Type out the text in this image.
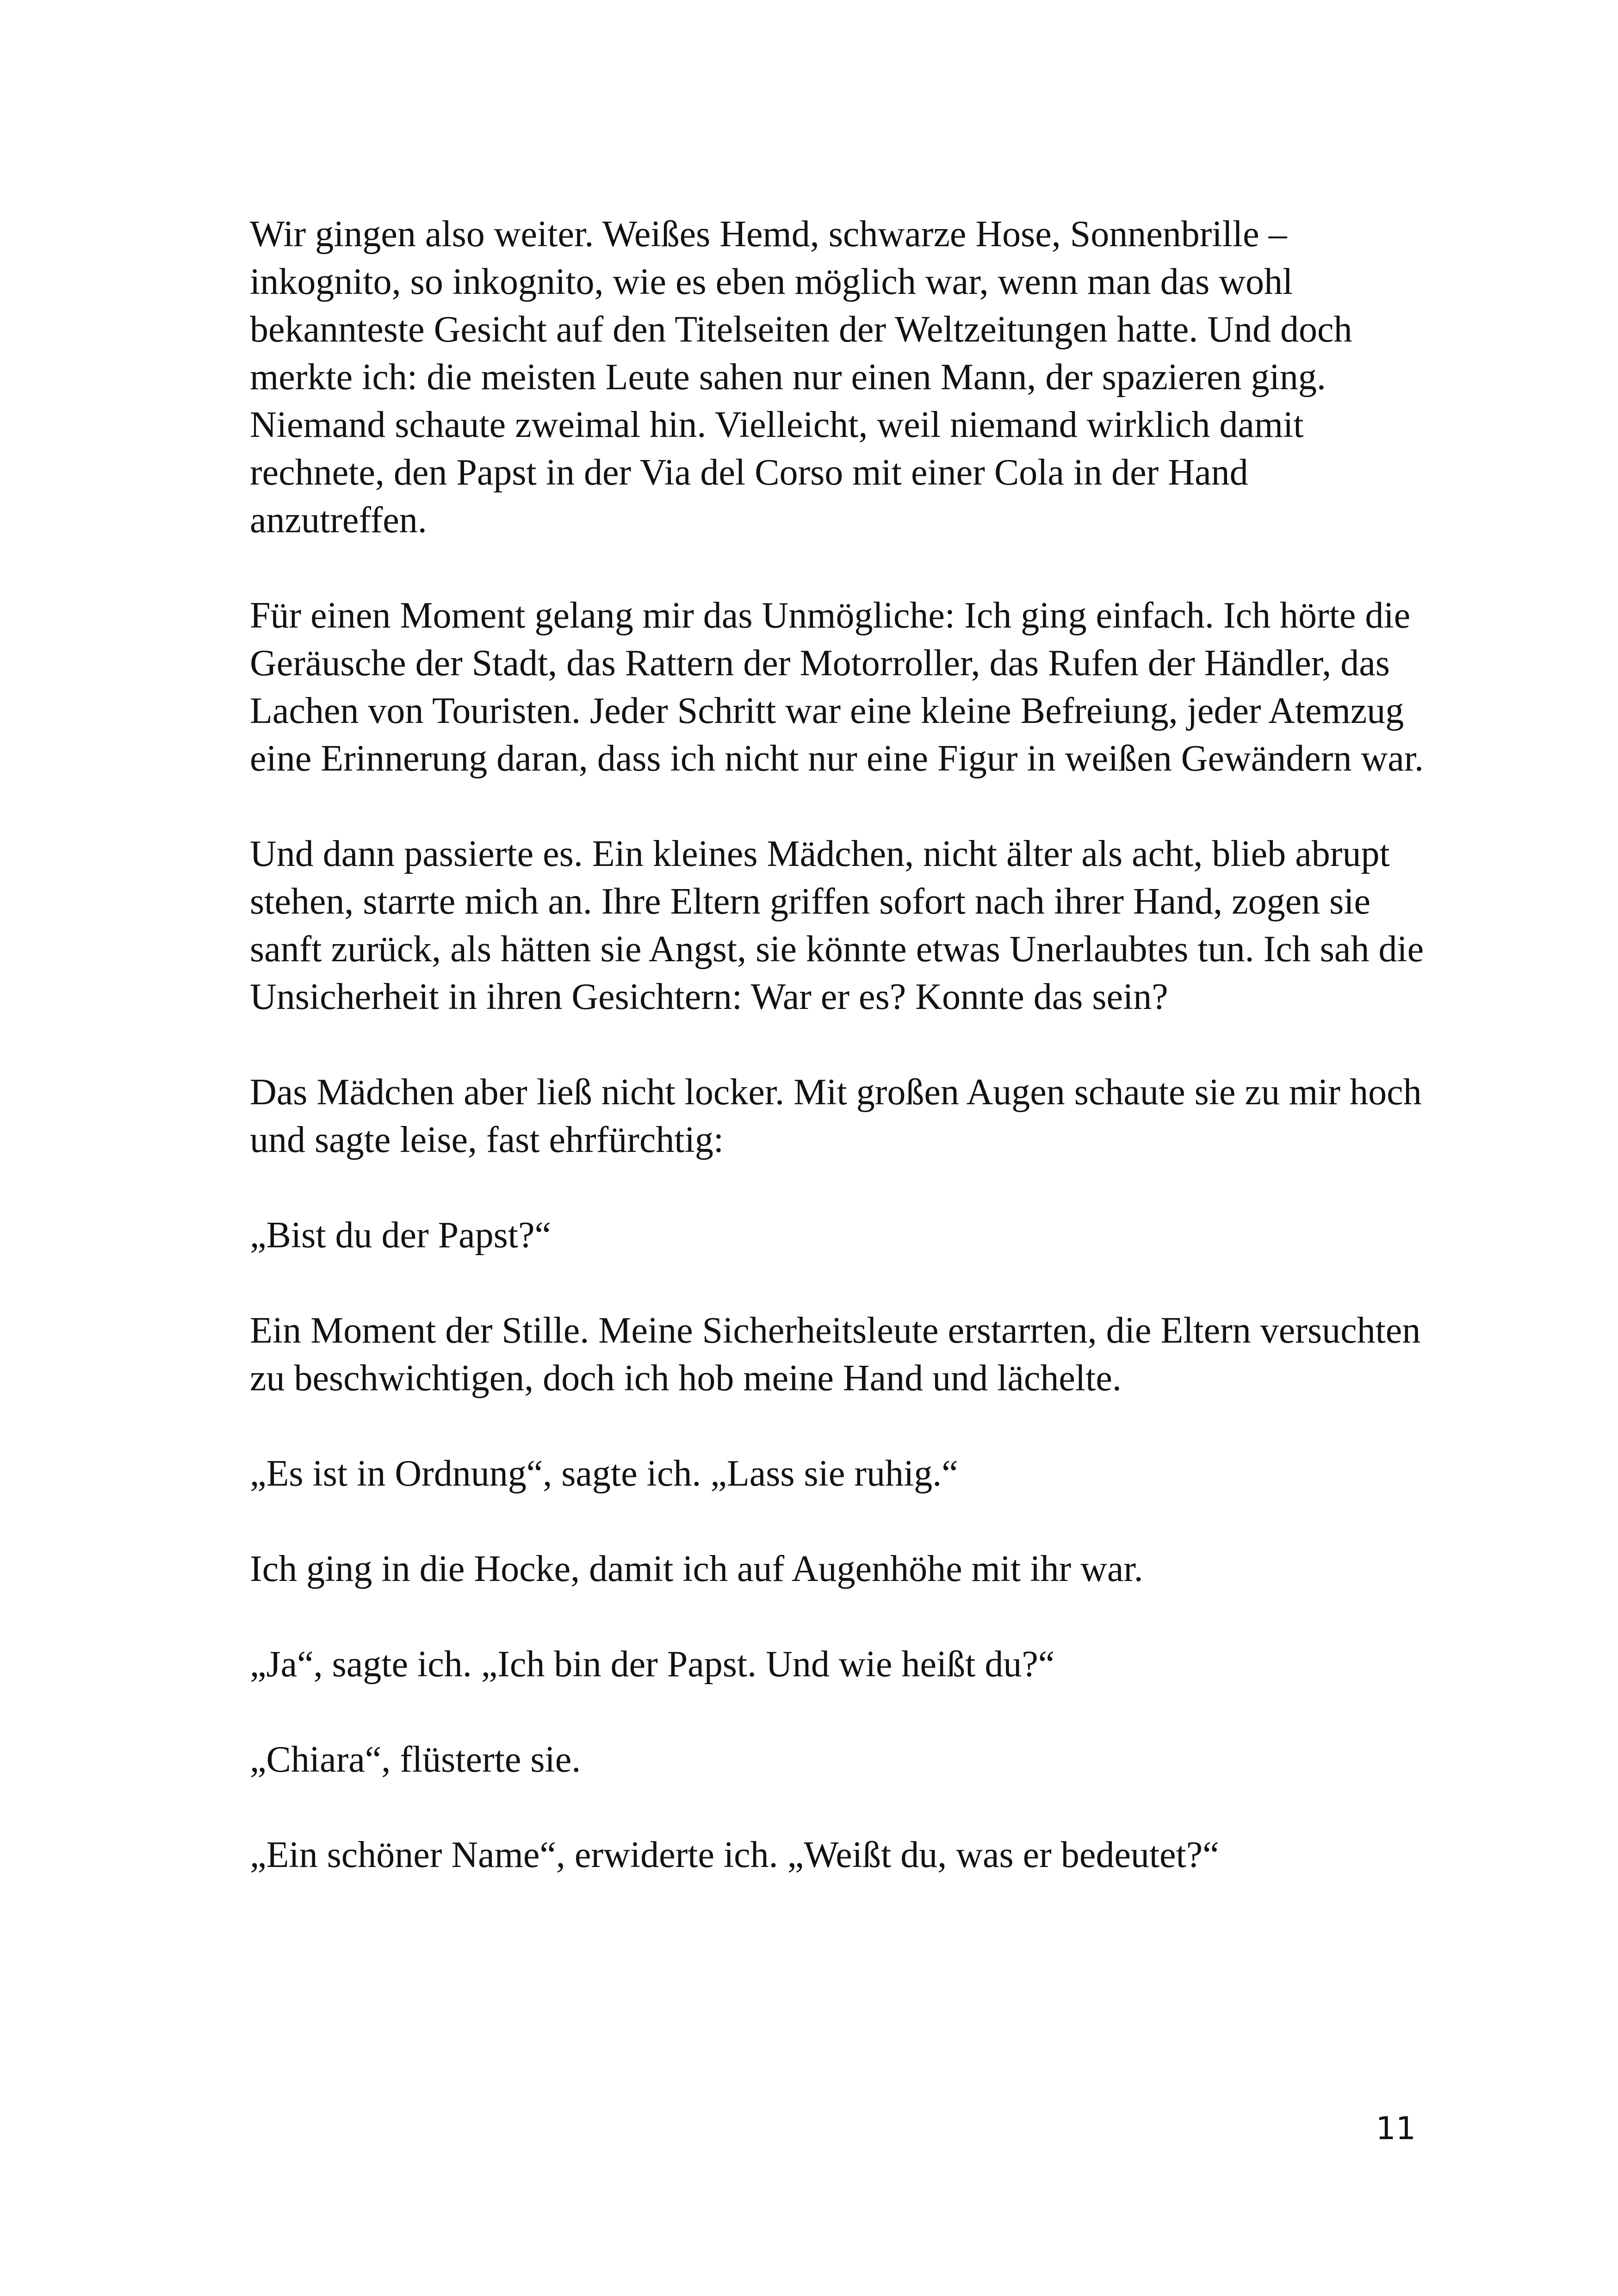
Wir gingen also weiter. Weißes Hemd, schwarze Hose, Sonnenbrille – inkognito, so inkognito, wie es eben möglich war, wenn man das wohl bekannteste Gesicht auf den Titelseiten der Weltzeitungen hatte. Und doch merkte ich: die meisten Leute sahen nur einen Mann, der spazieren ging. Niemand schaute zweimal hin. Vielleicht, weil niemand wirklich damit rechnete, den Papst in der Via del Corso mit einer Cola in der Hand anzutreffen.

Für einen Moment gelang mir das Unmögliche: Ich ging einfach. Ich hörte die Geräusche der Stadt, das Rattern der Motorroller, das Rufen der Händler, das Lachen von Touristen. Jeder Schritt war eine kleine Befreiung, jeder Atemzug eine Erinnerung daran, dass ich nicht nur eine Figur in weißen Gewändern war.

Und dann passierte es. Ein kleines Mädchen, nicht älter als acht, blieb abrupt stehen, starrte mich an. Ihre Eltern griffen sofort nach ihrer Hand, zogen sie sanft zurück, als hätten sie Angst, sie könnte etwas Unerlaubtes tun. Ich sah die Unsicherheit in ihren Gesichtern: War er es? Konnte das sein?

Das Mädchen aber ließ nicht locker. Mit großen Augen schaute sie zu mir hoch und sagte leise, fast ehrfürchtig:

„Bist du der Papst?“

Ein Moment der Stille. Meine Sicherheitsleute erstarrten, die Eltern versuchten zu beschwichtigen, doch ich hob meine Hand und lächelte.

„Es ist in Ordnung“, sagte ich. „Lass sie ruhig.“

Ich ging in die Hocke, damit ich auf Augenhöhe mit ihr war.

„Ja“, sagte ich. „Ich bin der Papst. Und wie heißt du?“

„Chiara“, flüsterte sie.

„Ein schöner Name“, erwiderte ich. „Weißt du, was er bedeutet?“

11
